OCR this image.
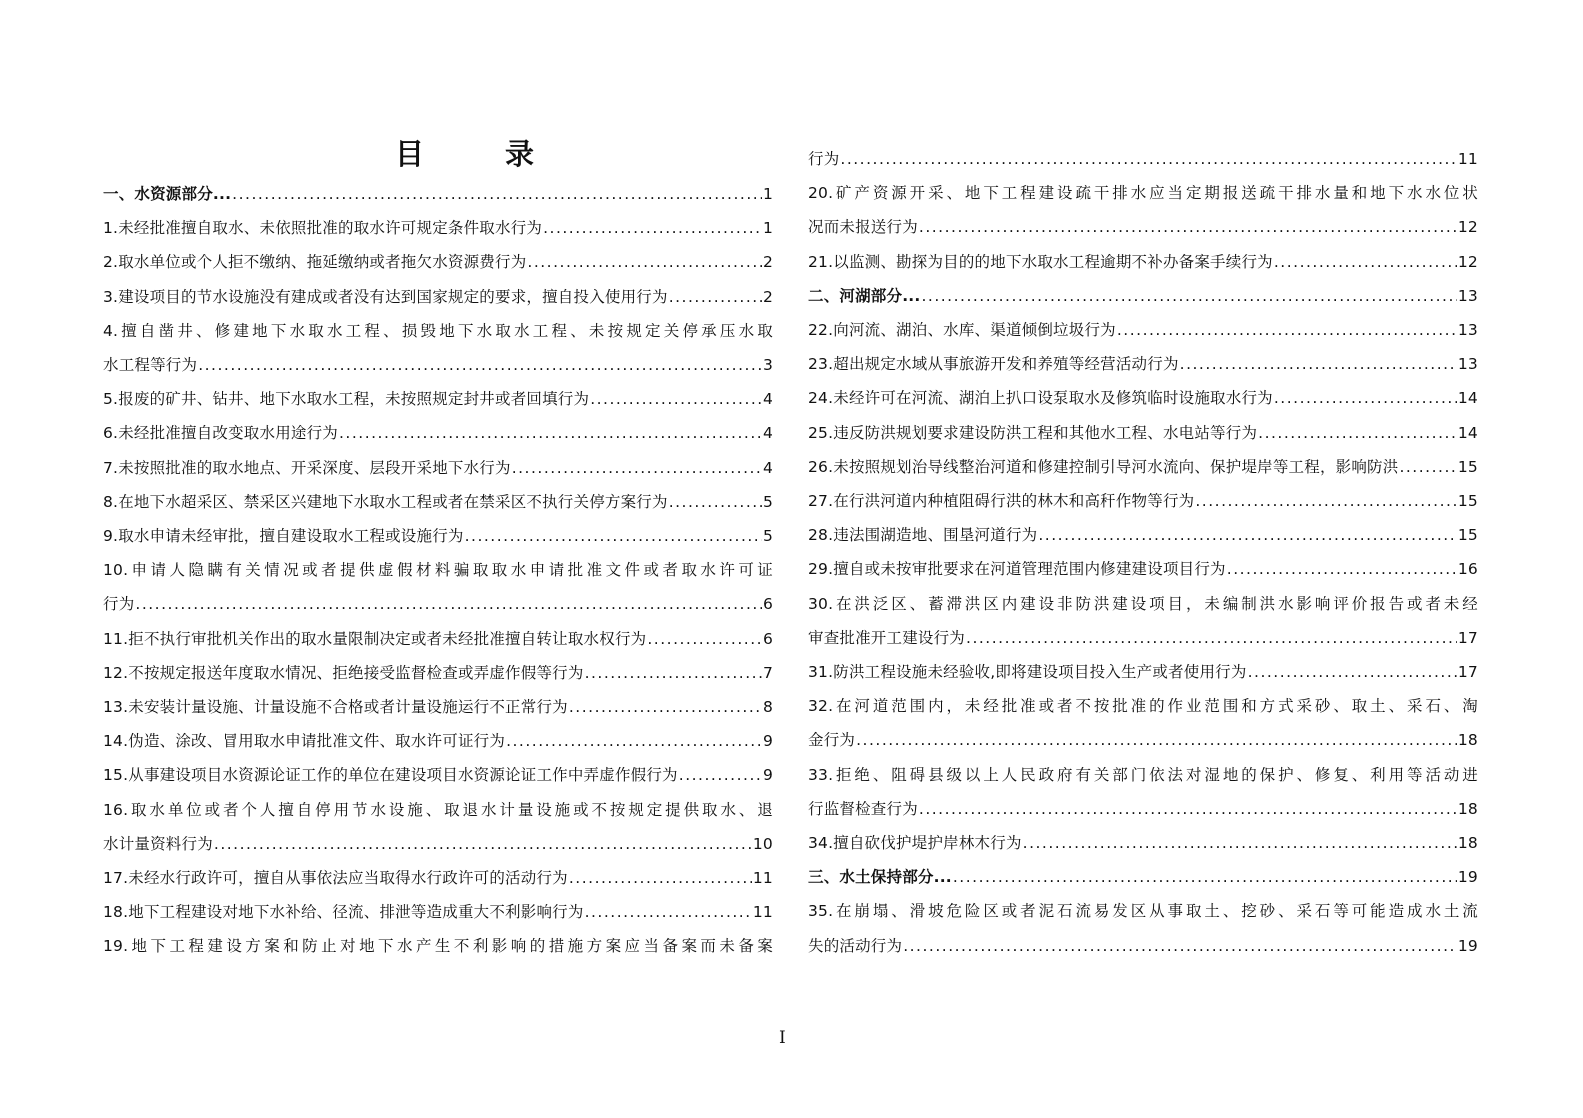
目　录
一、水资源部分... .....	1
1.未经批准擅自取水、未依照批准的取水许可规定条件取水行为 .....	1
2.取水单位或个人拒不缴纳、拖延缴纳或者拖欠水资源费行为 .....	2
3.建设项目的节水设施没有建成或者没有达到国家规定的要求，擅自投入使用行为 .....	2
4.擅自凿井、修建地下水取水工程、损毁地下水取水工程、未按规定关停承压水取
水工程等行为 .....	3
5.报废的矿井、钻井、地下水取水工程，未按照规定封井或者回填行为 .....	4
6.未经批准擅自改变取水用途行为 .....	4
7.未按照批准的取水地点、开采深度、层段开采地下水行为 .....	4
8.在地下水超采区、禁采区兴建地下水取水工程或者在禁采区不执行关停方案行为 .....	5
9.取水申请未经审批，擅自建设取水工程或设施行为 .....	5
10.申请人隐瞒有关情况或者提供虚假材料骗取取水申请批准文件或者取水许可证
行为 .....	6
11.拒不执行审批机关作出的取水量限制决定或者未经批准擅自转让取水权行为 .....	6
12.不按规定报送年度取水情况、拒绝接受监督检查或弄虚作假等行为 .....	7
13.未安装计量设施、计量设施不合格或者计量设施运行不正常行为 .....	8
14.伪造、涂改、冒用取水申请批准文件、取水许可证行为 .....	9
15.从事建设项目水资源论证工作的单位在建设项目水资源论证工作中弄虚作假行为 .....	9
16.取水单位或者个人擅自停用节水设施、取退水计量设施或不按规定提供取水、退
水计量资料行为 .....	10
17.未经水行政许可，擅自从事依法应当取得水行政许可的活动行为 .....	11
18.地下工程建设对地下水补给、径流、排泄等造成重大不利影响行为 .....	11
19.地下工程建设方案和防止对地下水产生不利影响的措施方案应当备案而未备案
行为 .....	11
20.矿产资源开采、地下工程建设疏干排水应当定期报送疏干排水量和地下水水位状
况而未报送行为 .....	12
21.以监测、勘探为目的的地下水取水工程逾期不补办备案手续行为 .....	12
二、河湖部分... .....	13
22.向河流、湖泊、水库、渠道倾倒垃圾行为 .....	13
23.超出规定水域从事旅游开发和养殖等经营活动行为 .....	13
24.未经许可在河流、湖泊上扒口设泵取水及修筑临时设施取水行为 .....	14
25.违反防洪规划要求建设防洪工程和其他水工程、水电站等行为 .....	14
26.未按照规划治导线整治河道和修建控制引导河水流向、保护堤岸等工程，影响防洪 .....	15
27.在行洪河道内种植阻碍行洪的林木和高秆作物等行为 .....	15
28.违法围湖造地、围垦河道行为 .....	15
29.擅自或未按审批要求在河道管理范围内修建建设项目行为 .....	16
30.在洪泛区、蓄滞洪区内建设非防洪建设项目，未编制洪水影响评价报告或者未经
审查批准开工建设行为 .....	17
31.防洪工程设施未经验收,即将建设项目投入生产或者使用行为 .....	17
32.在河道范围内，未经批准或者不按批准的作业范围和方式采砂、取土、采石、淘
金行为 .....	18
33.拒绝、阻碍县级以上人民政府有关部门依法对湿地的保护、修复、利用等活动进
行监督检查行为 .....	18
34.擅自砍伐护堤护岸林木行为 .....	18
三、水土保持部分... .....	19
35.在崩塌、滑坡危险区或者泥石流易发区从事取土、挖砂、采石等可能造成水土流
失的活动行为 .....	19

I
